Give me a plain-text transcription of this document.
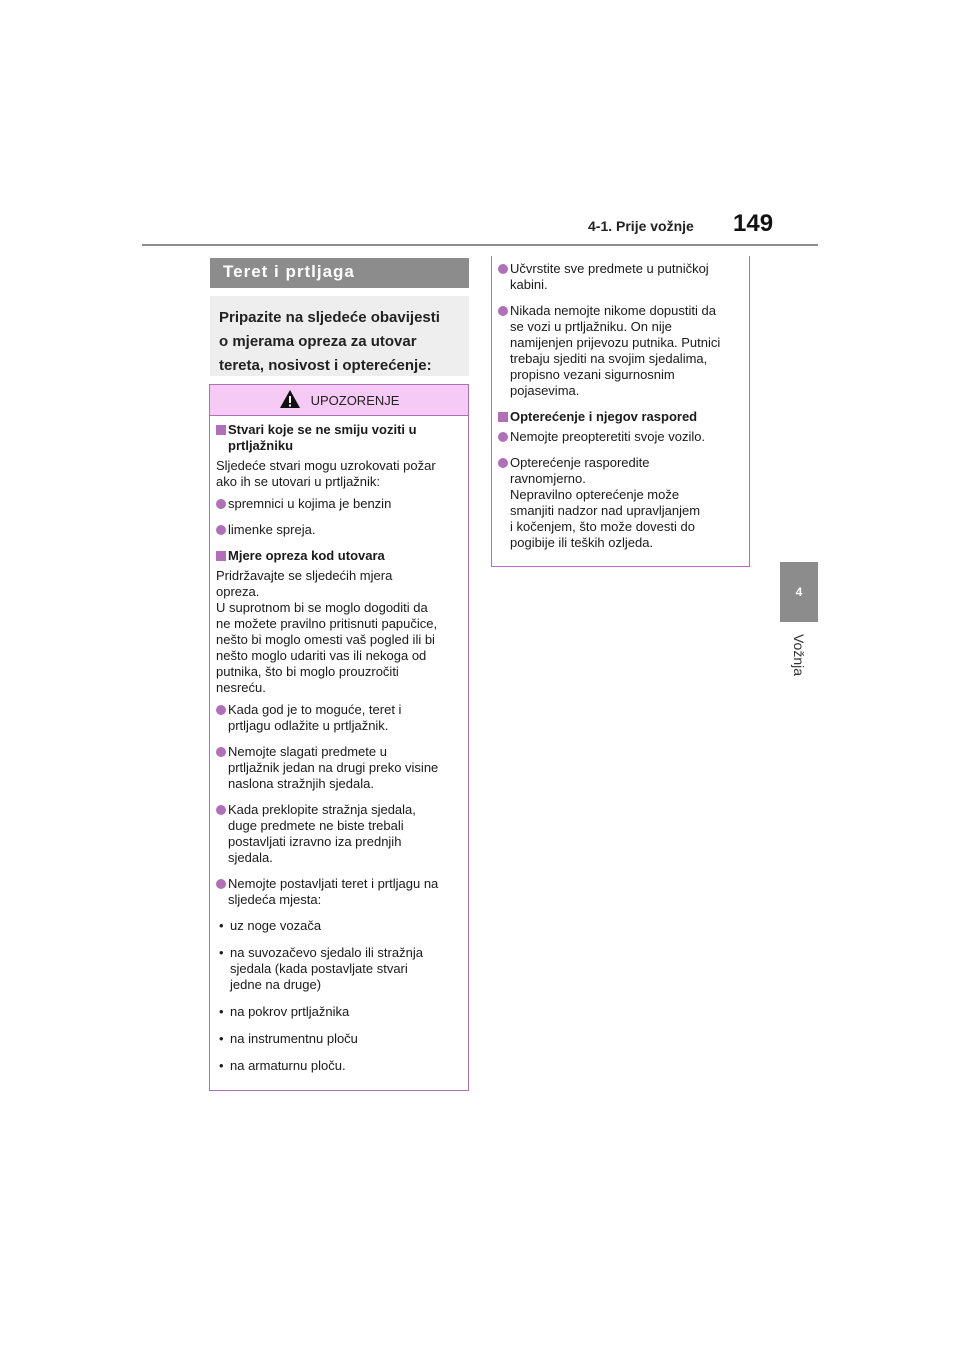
4-1. Prije vožnje 149
4
Vožnja
Teret i prtljaga
Pripazite na sljedeće obavijesti
o mjerama opreza za utovar
tereta, nosivost i opterećenje:
UPOZORENJE
Stvari koje se ne smiju voziti u
prtljažniku
Sljedeće stvari mogu uzrokovati požar
ako ih se utovari u prtljažnik:
spremnici u kojima je benzin
limenke spreja.
Mjere opreza kod utovara
Pridržavajte se sljedećih mjera
opreza.
U suprotnom bi se moglo dogoditi da
ne možete pravilno pritisnuti papučice,
nešto bi moglo omesti vaš pogled ili bi
nešto moglo udariti vas ili nekoga od
putnika, što bi moglo prouzročiti
nesreću.
Kada god je to moguće, teret i
prtljagu odlažite u prtljažnik.
Nemojte slagati predmete u
prtljažnik jedan na drugi preko visine
naslona stražnjih sjedala.
Kada preklopite stražnja sjedala,
duge predmete ne biste trebali
postavljati izravno iza prednjih
sjedala.
Nemojte postavljati teret i prtljagu na
sljedeća mjesta:
• uz noge vozača
• na suvozačevo sjedalo ili stražnja
sjedala (kada postavljate stvari
jedne na druge)
• na pokrov prtljažnika
• na instrumentnu ploču
• na armaturnu ploču.
Učvrstite sve predmete u putničkoj
kabini.
Nikada nemojte nikome dopustiti da
se vozi u prtljažniku. On nije
namijenjen prijevozu putnika. Putnici
trebaju sjediti na svojim sjedalima,
propisno vezani sigurnosnim
pojasevima.
Opterećenje i njegov raspored
Nemojte preopteretiti svoje vozilo.
Opterećenje rasporedite
ravnomjerno.
Nepravilno opterećenje može
smanjiti nadzor nad upravljanjem
i kočenjem, što može dovesti do
pogibije ili teških ozljeda.
